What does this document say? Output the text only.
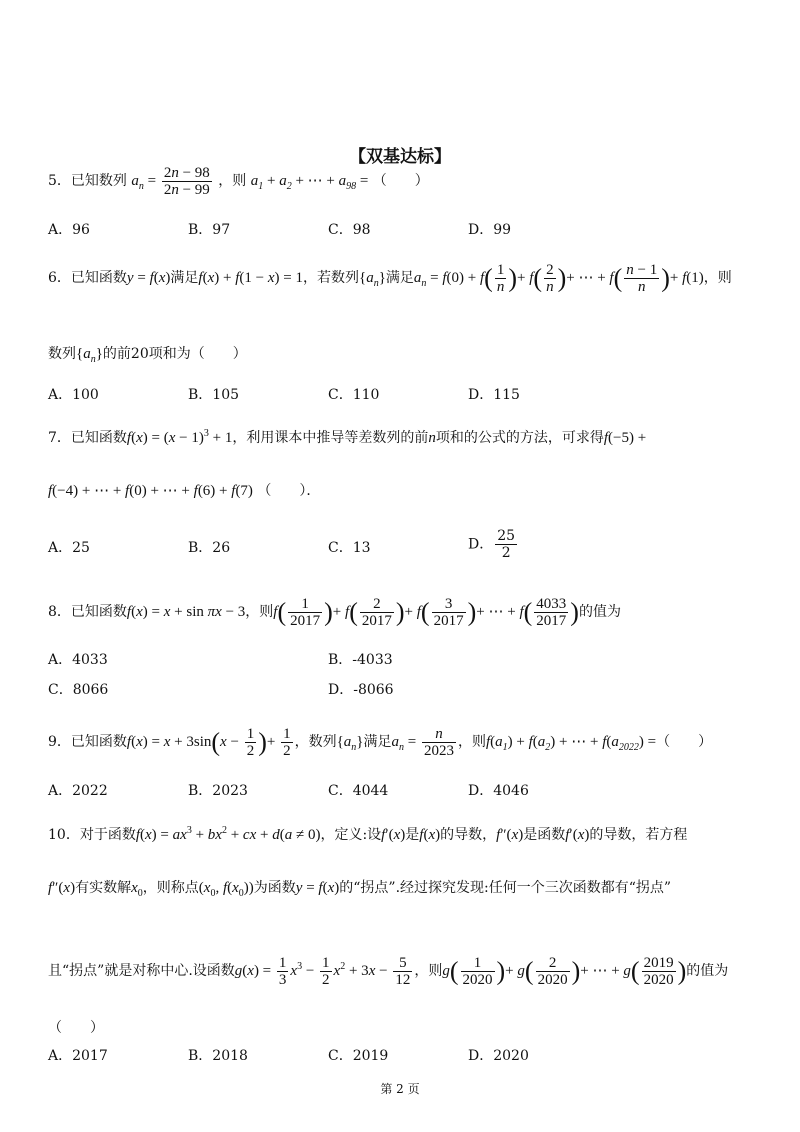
【双基达标】
5．已知数列 $a_n = \frac{2n - 98}{2n - 99}$ ，则 $a_1 + a_2$ + ⋯ + $a_{98}$ = （　　）
A．96	B．97	C．98	D．99
6．已知函数y = f(x)满足f(x) + f(1 − x) = 1，若数列$\{a_n\}$满足$a_n = f(0) + f( \frac{1}{n}$ )+ $f( \frac{2}{n}$ )+ ⋯ + $f( \frac{n - 1}{n}$ )+ f(1)，则
数列$\{a_n\}$的前20项和为（　　）
A．100	B．105	C．110	D．115
7．已知函数$f(x) = (x - 1)^3 + 1$，利用课本中推导等差数列的前n项和的公式的方法，可求得f(−5) +
f(−4) + ⋯ + f(0) + ⋯ + f(6) + f(7) （　　）．
A．25	B．26	C．13	D． $\frac{25}{2}$
8．已知函数f(x) = x + sin πx − 3，则$f( \frac{1}{2017}$ )+ $f( \frac{2}{2017}$ )+ $f( \frac{3}{2017}$ )+ ⋯ + $f( \frac{4033}{2017}$ )的值为
A．4033	B．-4033
C．8066	D．-8066
9．已知函数$f(x) = x + 3\sin(x - \frac{1}{2}$ )+ $\frac{1}{2}$ ，数列$\{a_n\}$满足$a_n = \frac{n}{2023}$ ，则$f(a_1) + f(a_2)$ + ⋯ + $f(a_{2022})$ =（　　）
A．2022	B．2023	C．4044	D．4046
10．对于函数$f(x) = ax^3 + bx^2$ + cx + d(a ≠ 0)，定义:设f′(x)是f(x)的导数，f″(x)是函数f′(x)的导数，若方程
f″(x)有实数解$x_0$，则称点($x_0$, $f(x_0)$)为函数y = f(x)的“拐点”.经过探究发现:任何一个三次函数都有“拐点”
且“拐点”就是对称中心.设函数$g(x) = \frac{1}{3} x^3 - \frac{1}{2} x^2 + 3x - \frac{5}{12}$ ，则$g( \frac{1}{2020}$ )+ $g( \frac{2}{2020}$ )+ ⋯ + $g( \frac{2019}{2020}$ )的值为
（　　）
A．2017	B．2018	C．2019	D．2020
第 2 页
